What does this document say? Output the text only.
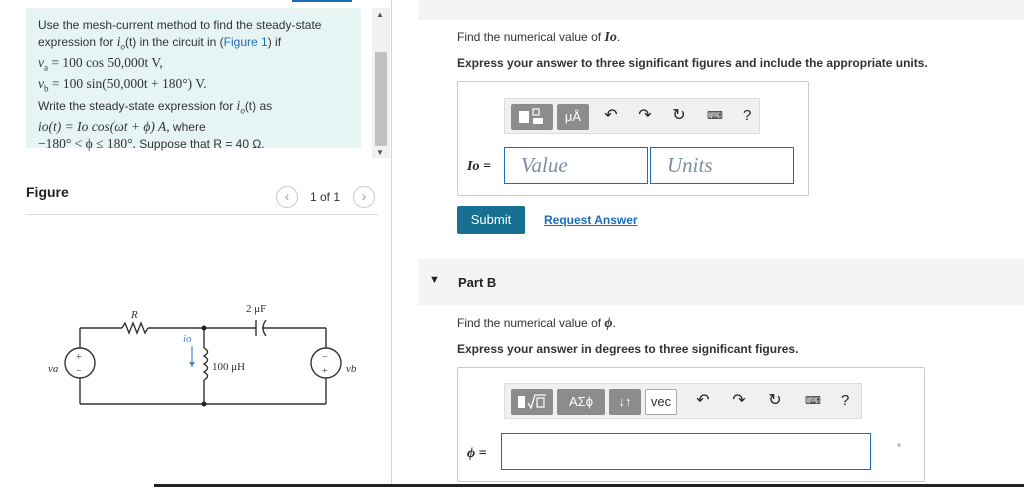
Use the mesh-current method to find the steady-state
expression for $i_o(t)$ in the circuit in (Figure 1) if
$v_a = 100$ cos 50,000t V,
$v_b = 100$ sin(50,000t + 180°) V.
Write the steady-state expression for $i_o(t)$ as
io(t) = Io cos(ωt + ϕ) A, where
−180° < ϕ ≤ 180°. Suppose that R = 40 Ω.
Figure	‹	1 of 1	›
R	2 μF
100 μH
io
va	vb
+
−
−
+
▲
▼
Find the numerical value of Io.
Express your answer to three significant figures and include the appropriate units.
μÅ	↶ ↷ ↻ ⌨ ?
Io =	Value	Units
Submit	Request Answer
▼ Part B
Find the numerical value of ϕ.
Express your answer in degrees to three significant figures.
ΑΣϕ	↓↑	vec	↶ ↷ ↻ ⌨ ?
ϕ =	°
